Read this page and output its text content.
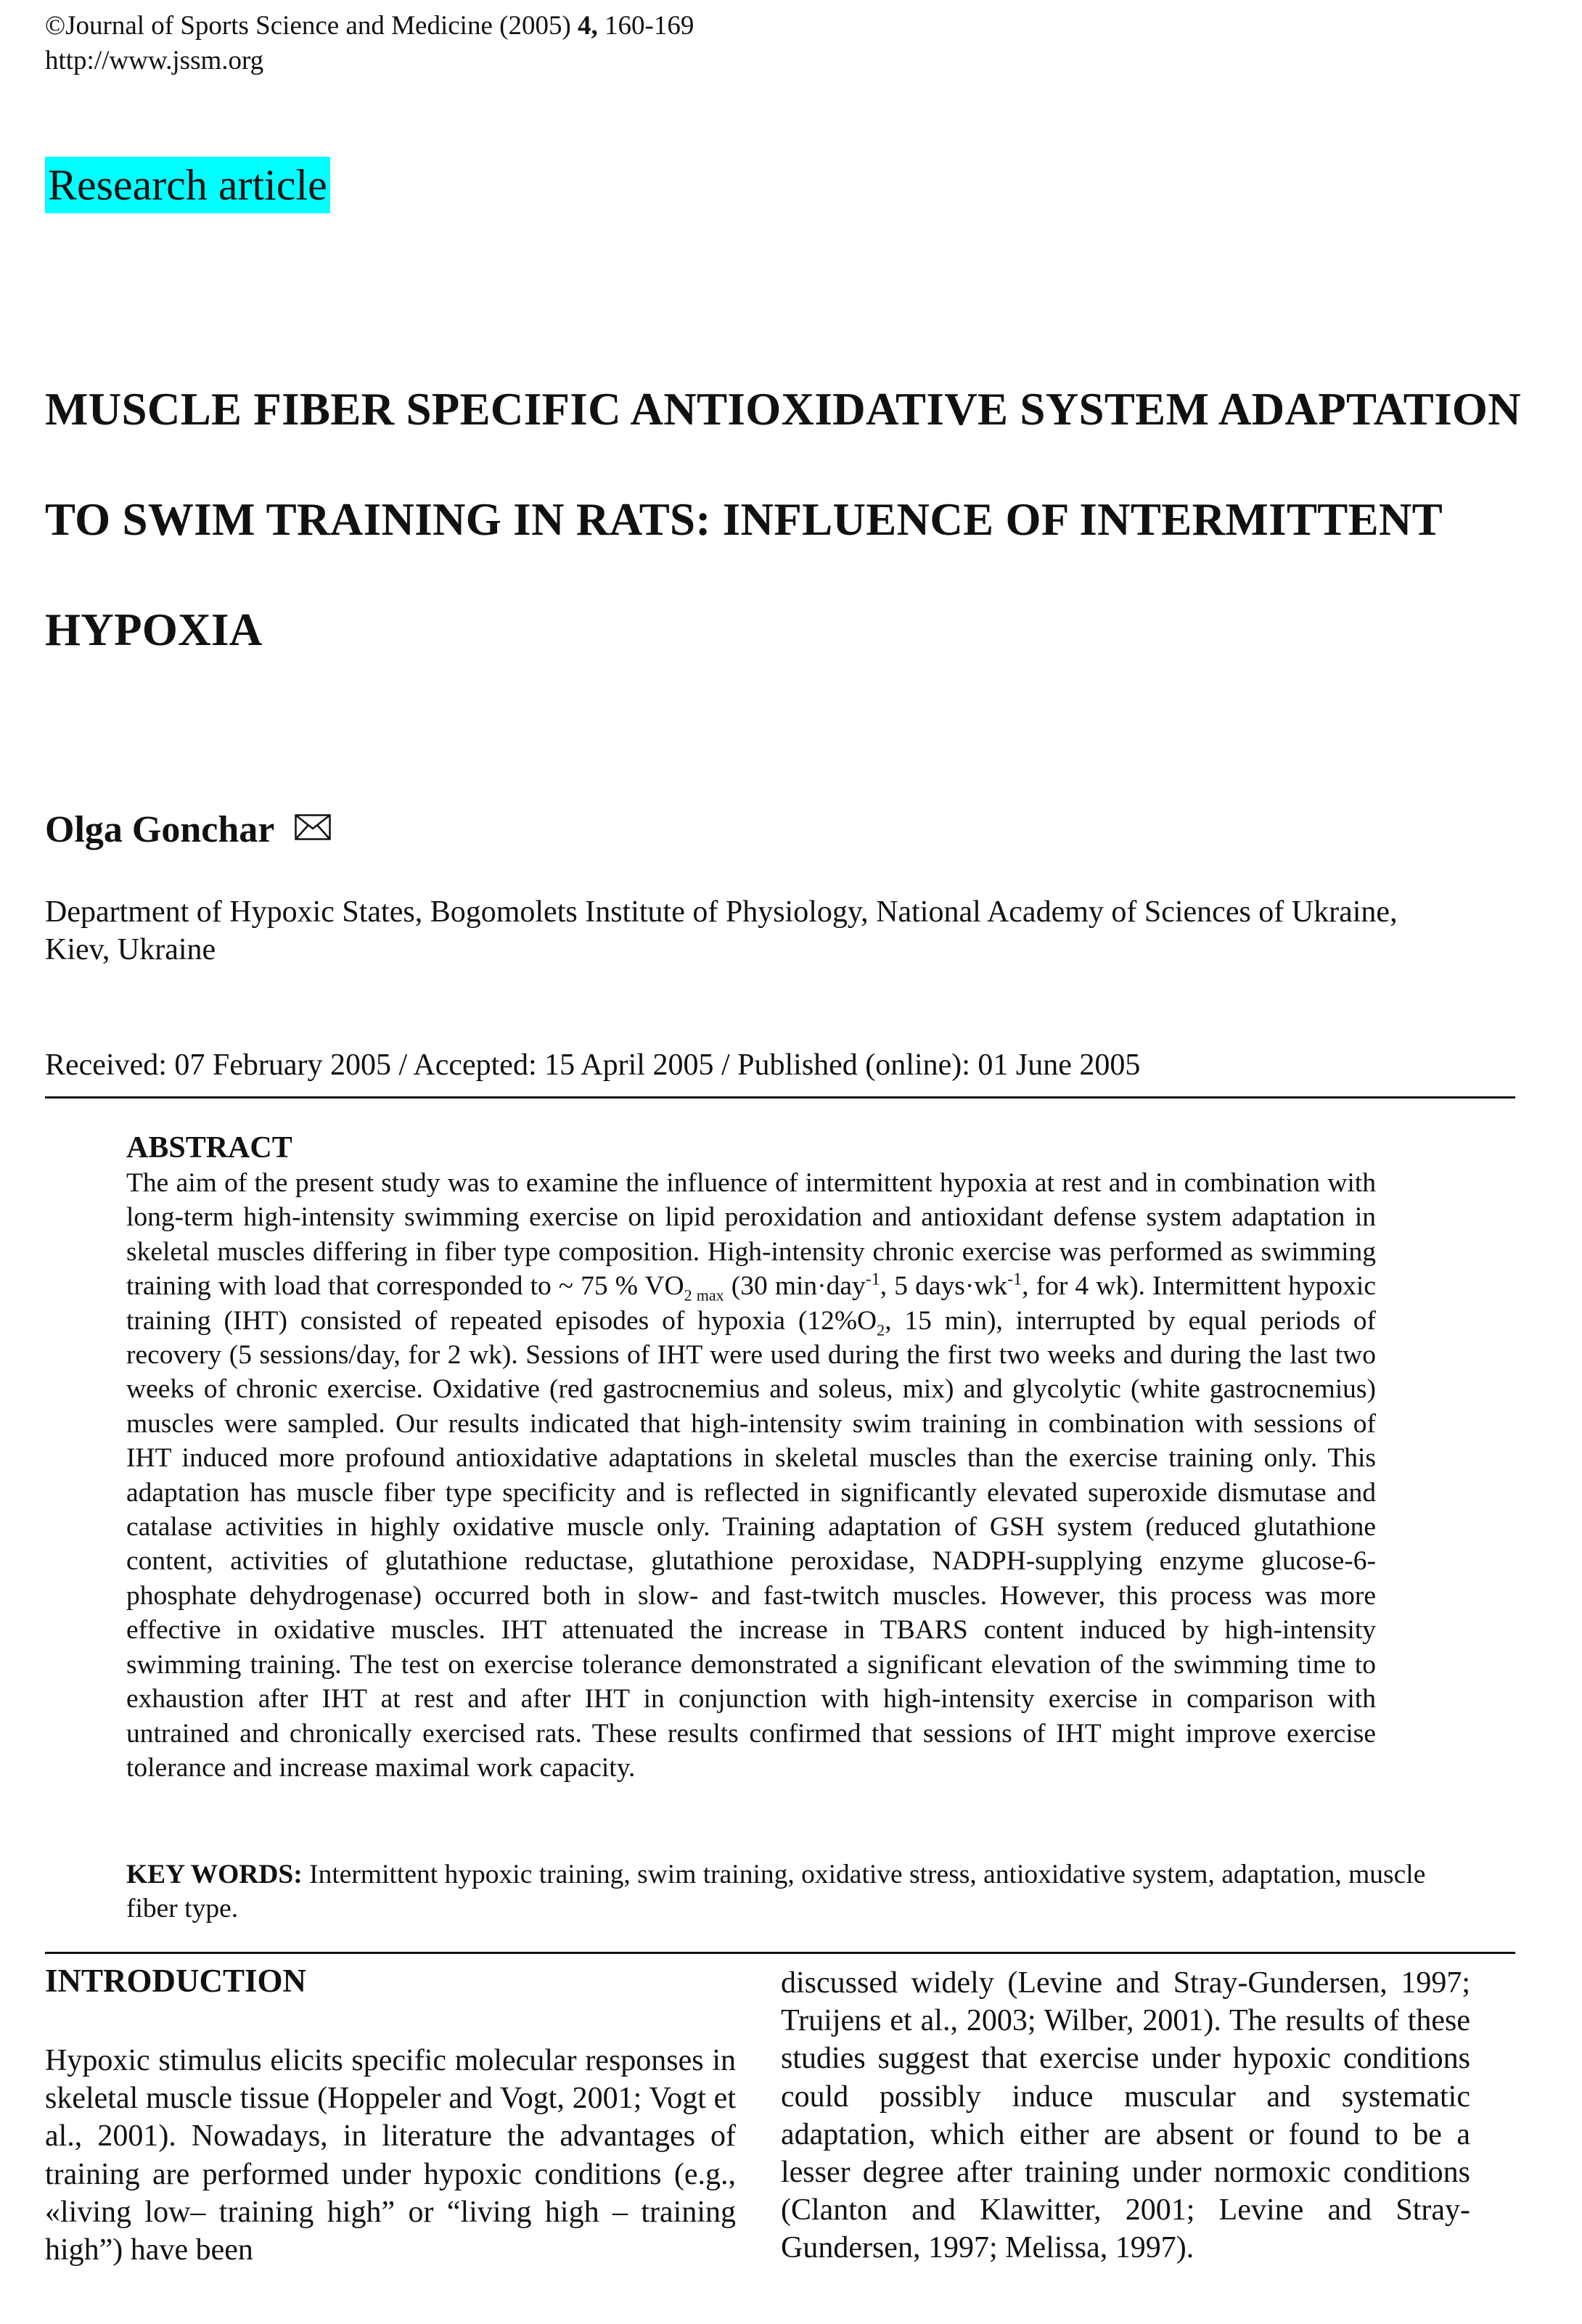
©Journal of Sports Science and Medicine (2005) 4, 160-169
http://www.jssm.org
Research article
MUSCLE FIBER SPECIFIC ANTIOXIDATIVE SYSTEM ADAPTATION TO SWIM TRAINING IN RATS: INFLUENCE OF INTERMITTENT HYPOXIA
Olga Gonchar
Department of Hypoxic States, Bogomolets Institute of Physiology, National Academy of Sciences of Ukraine, Kiev, Ukraine
Received: 07 February 2005 / Accepted: 15 April 2005 / Published (online): 01 June 2005
ABSTRACT
The aim of the present study was to examine the influence of intermittent hypoxia at rest and in combination with long-term high-intensity swimming exercise on lipid peroxidation and antioxidant defense system adaptation in skeletal muscles differing in fiber type composition. High-intensity chronic exercise was performed as swimming training with load that corresponded to ~ 75 % $VO_{2 max}$ (30 min·day$^{-1}$, 5 $days\cdot wk^{-1}$, for 4 wk). Intermittent hypoxic training (IHT) consisted of repeated episodes of hypoxia ($12\%O_2$, 15 min), interrupted by equal periods of recovery (5 sessions/day, for 2 wk). Sessions of IHT were used during the first two weeks and during the last two weeks of chronic exercise. Oxidative (red gastrocnemius and soleus, mix) and glycolytic (white gastrocnemius) muscles were sampled. Our results indicated that high-intensity swim training in combination with sessions of IHT induced more profound antioxidative adaptations in skeletal muscles than the exercise training only. This adaptation has muscle fiber type specificity and is reflected in significantly elevated superoxide dismutase and catalase activities in highly oxidative muscle only. Training adaptation of GSH system (reduced glutathione content, activities of glutathione reductase, glutathione peroxidase, NADPH-supplying enzyme glucose-6-phosphate dehydrogenase) occurred both in slow- and fast-twitch muscles. However, this process was more effective in oxidative muscles. IHT attenuated the increase in TBARS content induced by high-intensity swimming training. The test on exercise tolerance demonstrated a significant elevation of the swimming time to exhaustion after IHT at rest and after IHT in conjunction with high-intensity exercise in comparison with untrained and chronically exercised rats. These results confirmed that sessions of IHT might improve exercise tolerance and increase maximal work capacity.
KEY WORDS: Intermittent hypoxic training, swim training, oxidative stress, antioxidative system, adaptation, muscle fiber type.
INTRODUCTION
Hypoxic stimulus elicits specific molecular responses in skeletal muscle tissue (Hoppeler and Vogt, 2001; Vogt et al., 2001). Nowadays, in literature the advantages of training are performed under hypoxic conditions (e.g., «living low– training high” or “living high – training high”) have been
discussed widely (Levine and Stray-Gundersen, 1997; Truijens et al., 2003; Wilber, 2001). The results of these studies suggest that exercise under hypoxic conditions could possibly induce muscular and systematic adaptation, which either are absent or found to be a lesser degree after training under normoxic conditions (Clanton and Klawitter, 2001; Levine and Stray-Gundersen, 1997; Melissa, 1997).
